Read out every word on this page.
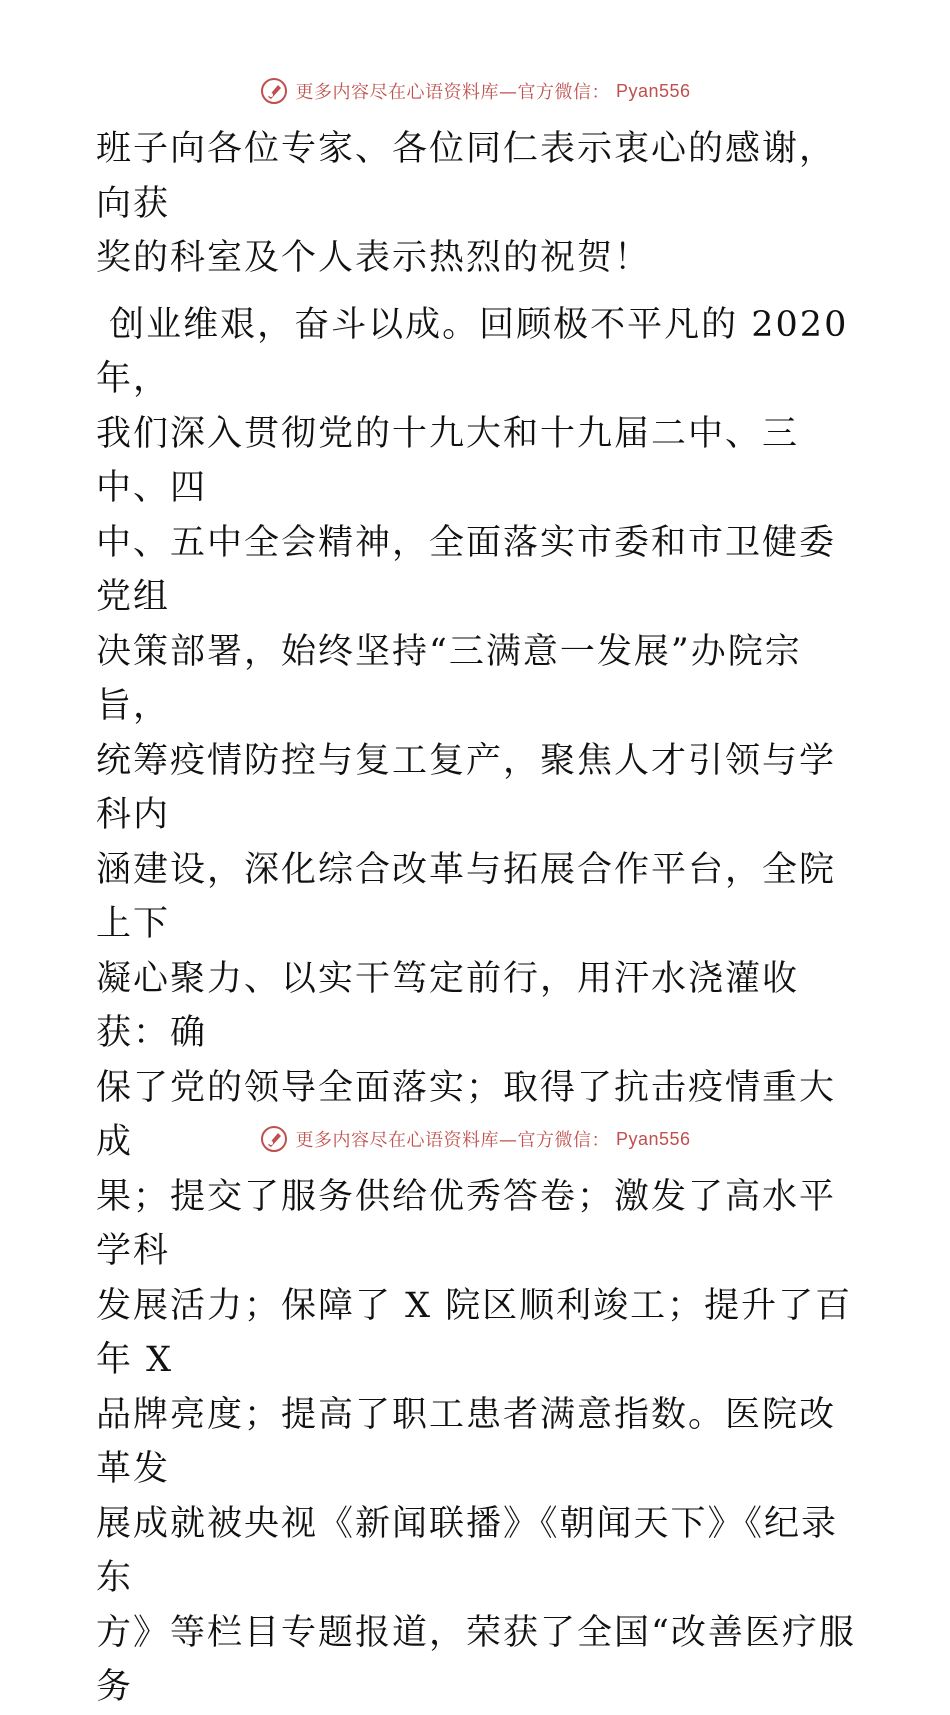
更多内容尽在心语资料库—官方微信： Pyan556

班子向各位专家、各位同仁表示衷心的感谢，向获
奖的科室及个人表示热烈的祝贺！

创业维艰，奋斗以成。回顾极不平凡的 2020 年，
我们深入贯彻党的十九大和十九届二中、三中、四
中、五中全会精神，全面落实市委和市卫健委党组
决策部署，始终坚持“三满意一发展”办院宗旨，
统筹疫情防控与复工复产，聚焦人才引领与学科内
涵建设，深化综合改革与拓展合作平台，全院上下
凝心聚力、以实干笃定前行，用汗水浇灌收获：确
保了党的领导全面落实；取得了抗击疫情重大成
果；提交了服务供给优秀答卷；激发了高水平学科
发展活力；保障了 X 院区顺利竣工；提升了百年 X
品牌亮度；提高了职工患者满意指数。医院改革发
展成就被央视《新闻联播》《朝闻天下》《纪录东
方》等栏目专题报道，荣获了全国“改善医疗服务

更多内容尽在心语资料库—官方微信： Pyan556
